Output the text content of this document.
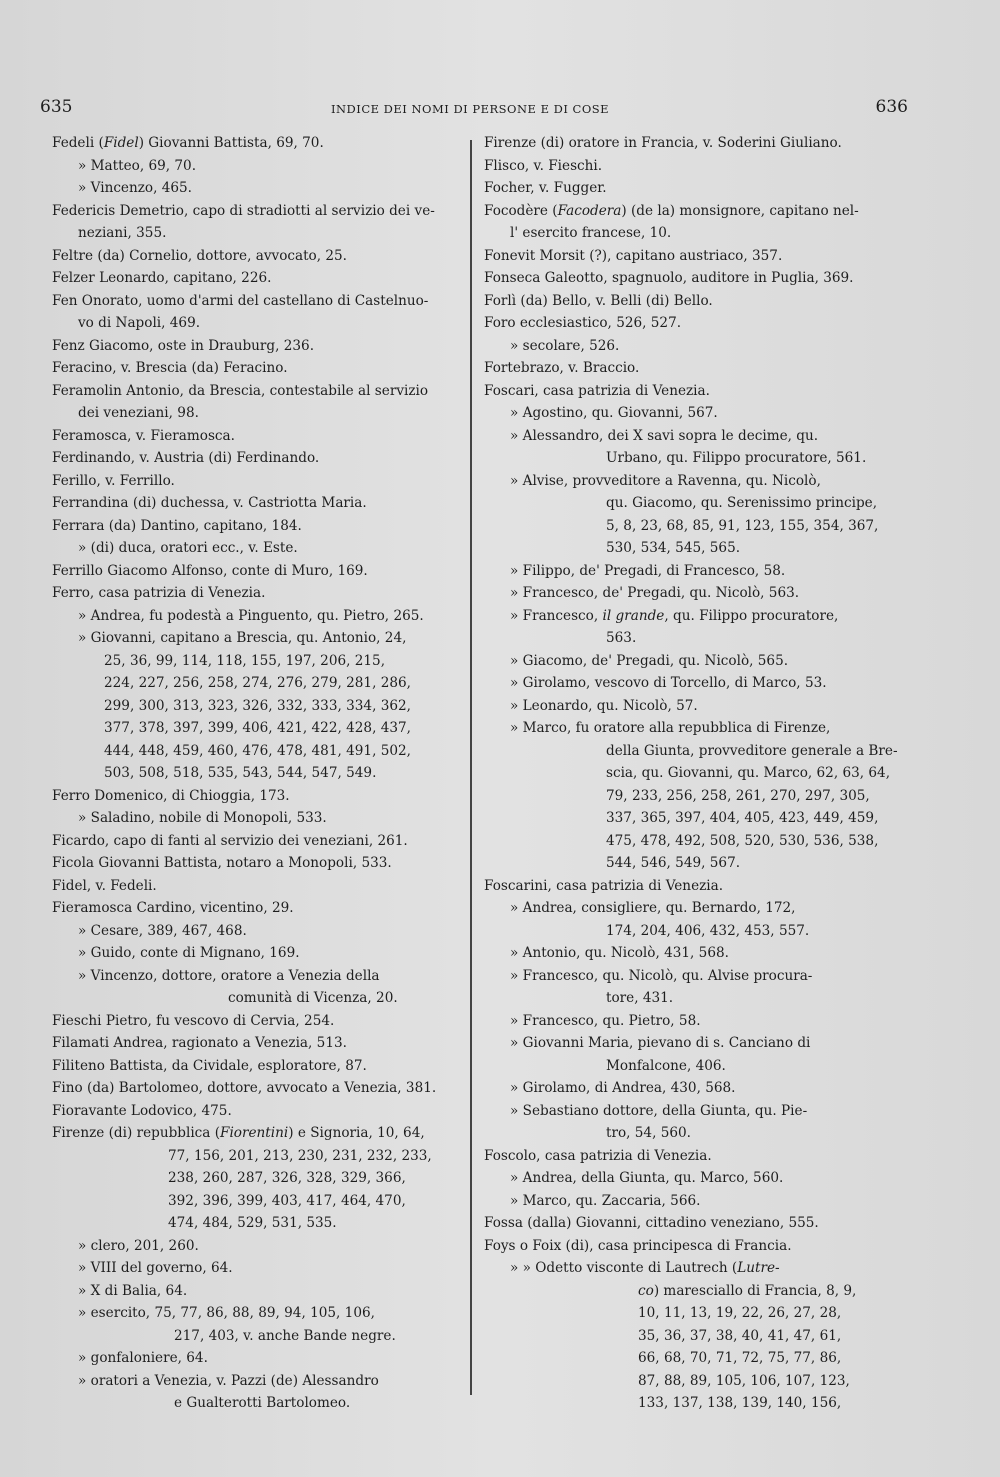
635	INDICE DEI NOMI DI PERSONE E DI COSE	636
Fedeli (Fidel) Giovanni Battista, 69, 70.
» Matteo, 69, 70.
» Vincenzo, 465.
Federicis Demetrio, capo di stradiotti al servizio dei ve-
neziani, 355.
Feltre (da) Cornelio, dottore, avvocato, 25.
Felzer Leonardo, capitano, 226.
Fen Onorato, uomo d'armi del castellano di Castelnuo-
vo di Napoli, 469.
Fenz Giacomo, oste in Drauburg, 236.
Feracino, v. Brescia (da) Feracino.
Feramolin Antonio, da Brescia, contestabile al servizio
dei veneziani, 98.
Feramosca, v. Fieramosca.
Ferdinando, v. Austria (di) Ferdinando.
Ferillo, v. Ferrillo.
Ferrandina (di) duchessa, v. Castriotta Maria.
Ferrara (da) Dantino, capitano, 184.
» (di) duca, oratori ecc., v. Este.
Ferrillo Giacomo Alfonso, conte di Muro, 169.
Ferro, casa patrizia di Venezia.
» Andrea, fu podestà a Pinguento, qu. Pietro, 265.
» Giovanni, capitano a Brescia, qu. Antonio, 24,
25, 36, 99, 114, 118, 155, 197, 206, 215,
224, 227, 256, 258, 274, 276, 279, 281, 286,
299, 300, 313, 323, 326, 332, 333, 334, 362,
377, 378, 397, 399, 406, 421, 422, 428, 437,
444, 448, 459, 460, 476, 478, 481, 491, 502,
503, 508, 518, 535, 543, 544, 547, 549.
Ferro Domenico, di Chioggia, 173.
» Saladino, nobile di Monopoli, 533.
Ficardo, capo di fanti al servizio dei veneziani, 261.
Ficola Giovanni Battista, notaro a Monopoli, 533.
Fidel, v. Fedeli.
Fieramosca Cardino, vicentino, 29.
» Cesare, 389, 467, 468.
» Guido, conte di Mignano, 169.
» Vincenzo, dottore, oratore a Venezia della
comunità di Vicenza, 20.
Fieschi Pietro, fu vescovo di Cervia, 254.
Filamati Andrea, ragionato a Venezia, 513.
Filiteno Battista, da Cividale, esploratore, 87.
Fino (da) Bartolomeo, dottore, avvocato a Venezia, 381.
Fioravante Lodovico, 475.
Firenze (di) repubblica (Fiorentini) e Signoria, 10, 64,
77, 156, 201, 213, 230, 231, 232, 233,
238, 260, 287, 326, 328, 329, 366,
392, 396, 399, 403, 417, 464, 470,
474, 484, 529, 531, 535.
» clero, 201, 260.
» VIII del governo, 64.
» X di Balia, 64.
» esercito, 75, 77, 86, 88, 89, 94, 105, 106,
217, 403, v. anche Bande negre.
» gonfaloniere, 64.
» oratori a Venezia, v. Pazzi (de) Alessandro
e Gualterotti Bartolomeo.
Firenze (di) oratore in Francia, v. Soderini Giuliano.
Flisco, v. Fieschi.
Focher, v. Fugger.
Focodère (Facodera) (de la) monsignore, capitano nel-
l' esercito francese, 10.
Fonevit Morsit (?), capitano austriaco, 357.
Fonseca Galeotto, spagnuolo, auditore in Puglia, 369.
Forlì (da) Bello, v. Belli (di) Bello.
Foro ecclesiastico, 526, 527.
» secolare, 526.
Fortebrazo, v. Braccio.
Foscari, casa patrizia di Venezia.
» Agostino, qu. Giovanni, 567.
» Alessandro, dei X savi sopra le decime, qu.
Urbano, qu. Filippo procuratore, 561.
» Alvise, provveditore a Ravenna, qu. Nicolò,
qu. Giacomo, qu. Serenissimo principe,
5, 8, 23, 68, 85, 91, 123, 155, 354, 367,
530, 534, 545, 565.
» Filippo, de' Pregadi, di Francesco, 58.
» Francesco, de' Pregadi, qu. Nicolò, 563.
» Francesco, il grande, qu. Filippo procuratore,
563.
» Giacomo, de' Pregadi, qu. Nicolò, 565.
» Girolamo, vescovo di Torcello, di Marco, 53.
» Leonardo, qu. Nicolò, 57.
» Marco, fu oratore alla repubblica di Firenze,
della Giunta, provveditore generale a Bre-
scia, qu. Giovanni, qu. Marco, 62, 63, 64,
79, 233, 256, 258, 261, 270, 297, 305,
337, 365, 397, 404, 405, 423, 449, 459,
475, 478, 492, 508, 520, 530, 536, 538,
544, 546, 549, 567.
Foscarini, casa patrizia di Venezia.
» Andrea, consigliere, qu. Bernardo, 172,
174, 204, 406, 432, 453, 557.
» Antonio, qu. Nicolò, 431, 568.
» Francesco, qu. Nicolò, qu. Alvise procura-
tore, 431.
» Francesco, qu. Pietro, 58.
» Giovanni Maria, pievano di s. Canciano di
Monfalcone, 406.
» Girolamo, di Andrea, 430, 568.
» Sebastiano dottore, della Giunta, qu. Pie-
tro, 54, 560.
Foscolo, casa patrizia di Venezia.
» Andrea, della Giunta, qu. Marco, 560.
» Marco, qu. Zaccaria, 566.
Fossa (dalla) Giovanni, cittadino veneziano, 555.
Foys o Foix (di), casa principesca di Francia.
» » Odetto visconte di Lautrech (Lutre-
co) maresciallo di Francia, 8, 9,
10, 11, 13, 19, 22, 26, 27, 28,
35, 36, 37, 38, 40, 41, 47, 61,
66, 68, 70, 71, 72, 75, 77, 86,
87, 88, 89, 105, 106, 107, 123,
133, 137, 138, 139, 140, 156,
